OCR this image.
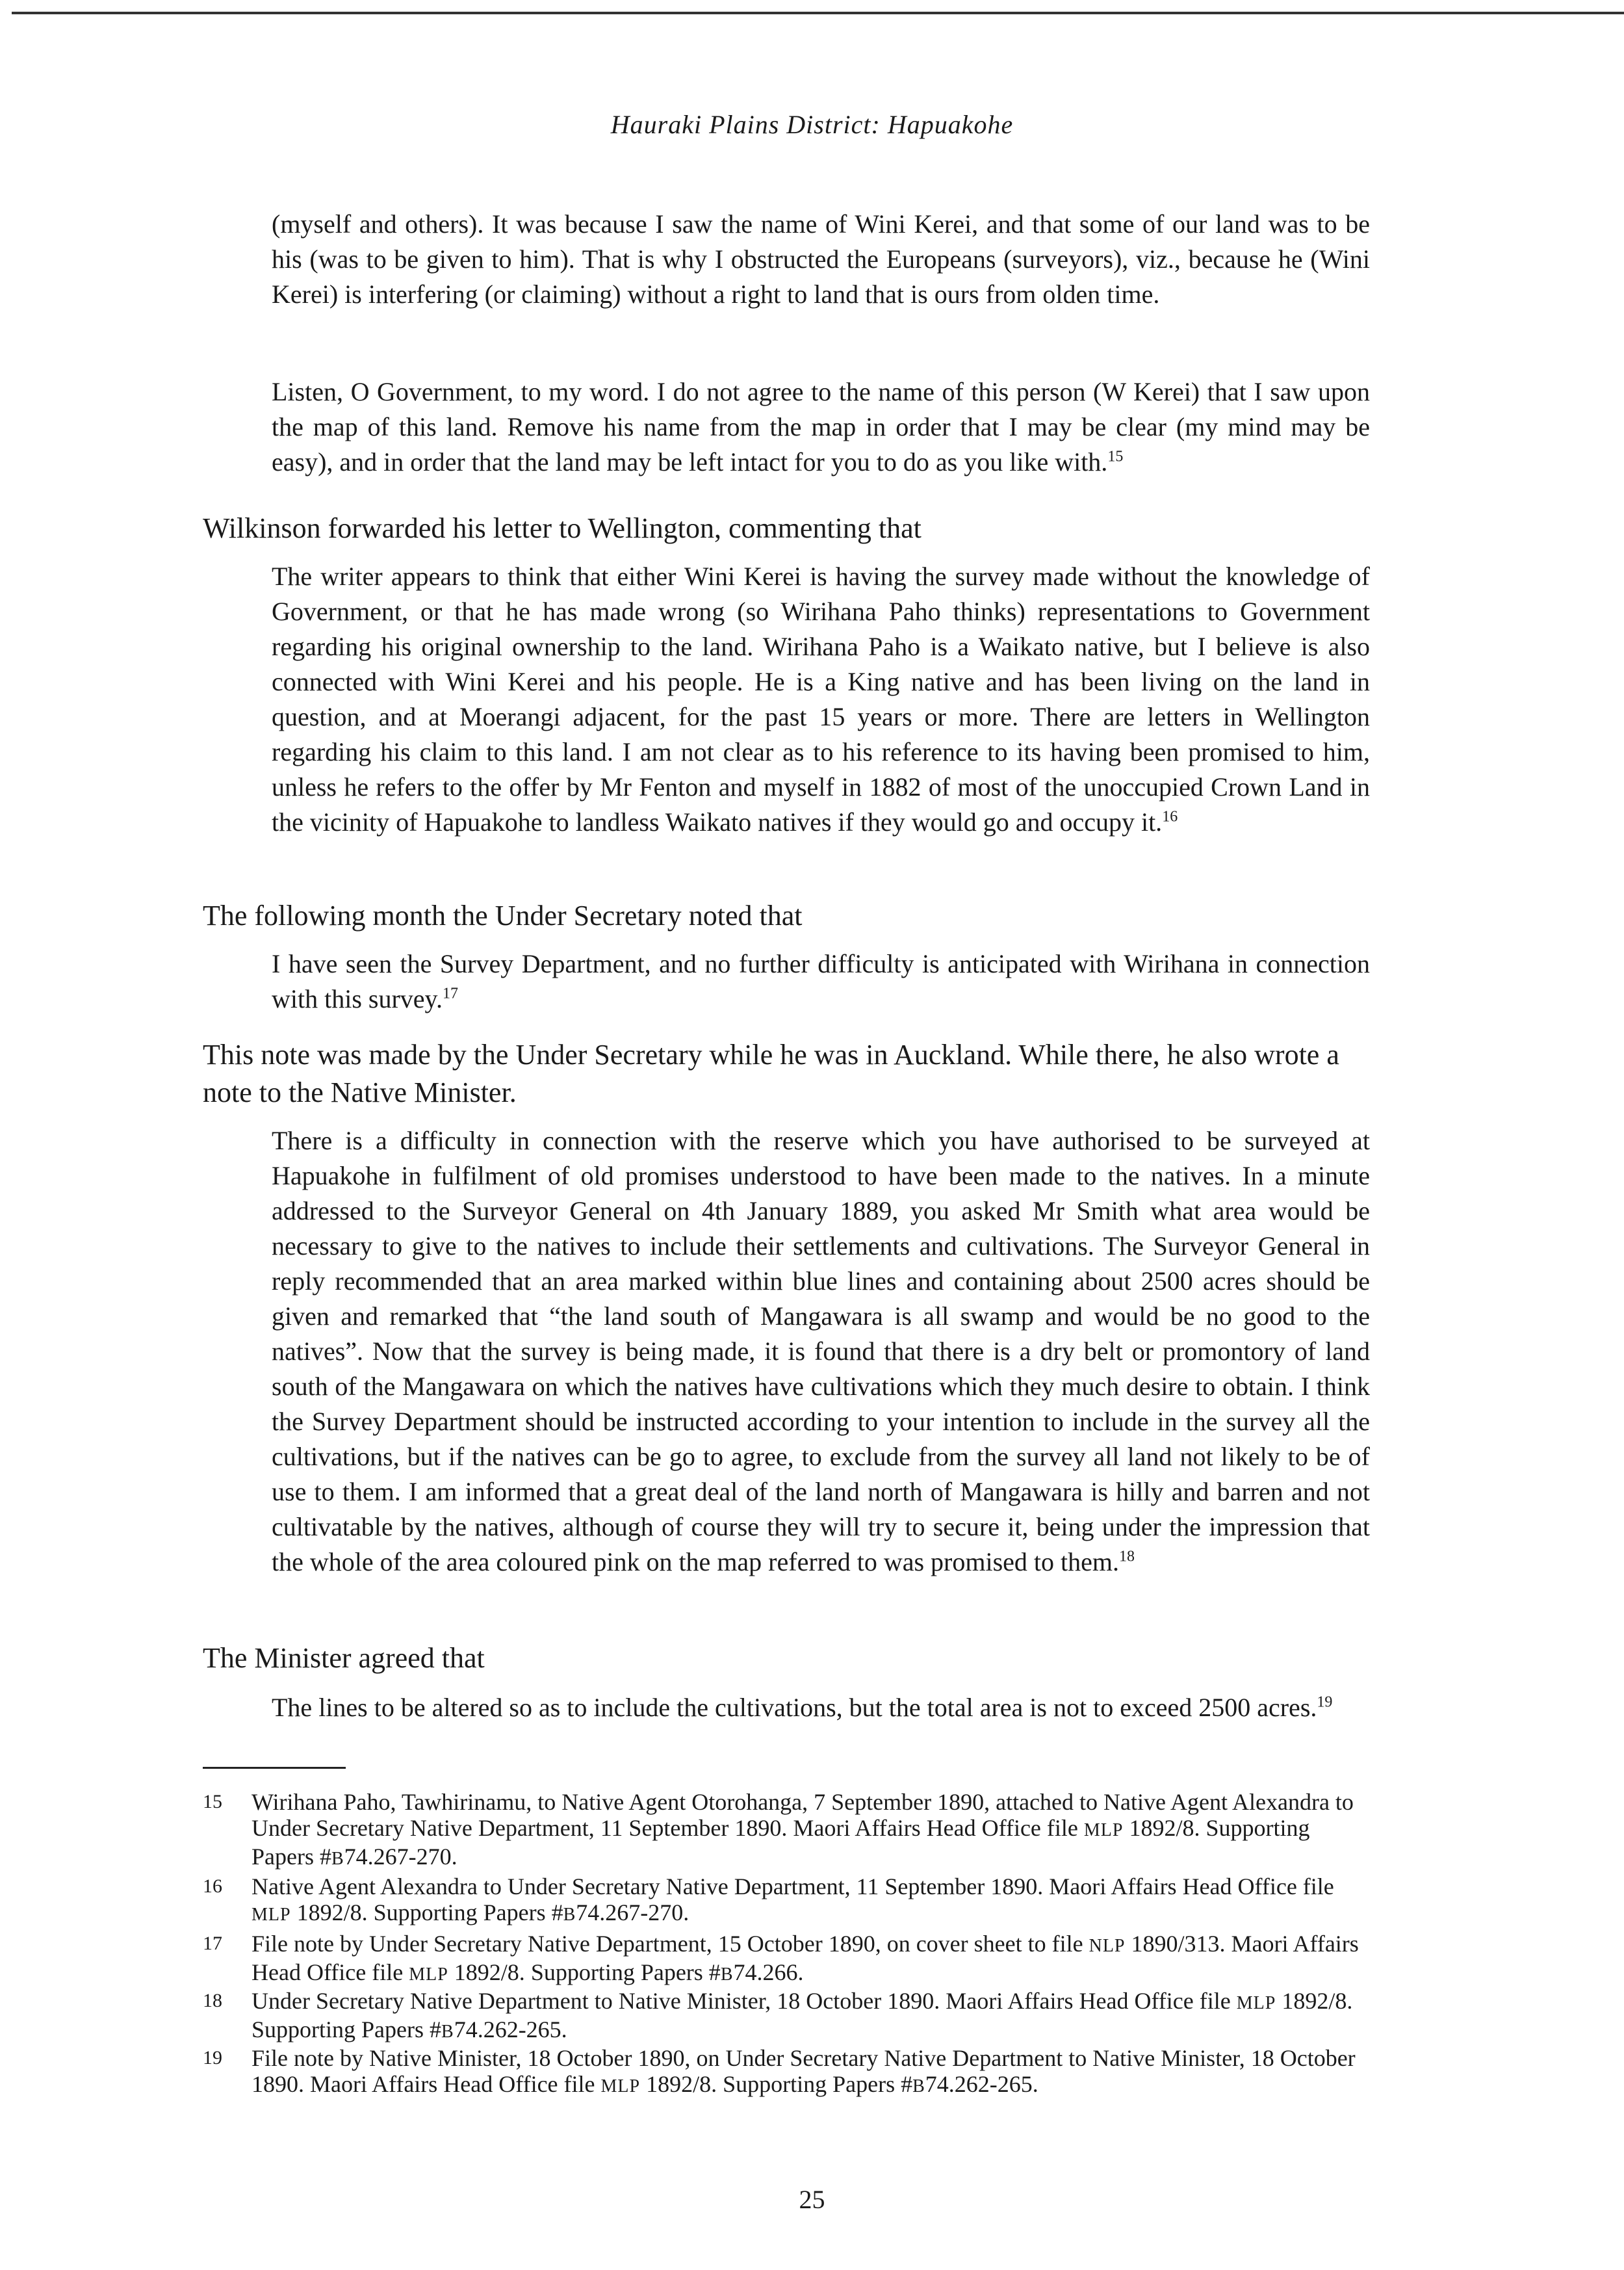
Hauraki Plains District: Hapuakohe

(myself and others). It was because I saw the name of Wini Kerei, and that some of our land was to be his (was to be given to him). That is why I obstructed the Europeans (surveyors), viz., because he (Wini Kerei) is interfering (or claiming) without a right to land that is ours from olden time.

Listen, O Government, to my word. I do not agree to the name of this person (W Kerei) that I saw upon the map of this land. Remove his name from the map in order that I may be clear (my mind may be easy), and in order that the land may be left intact for you to do as you like with.$^{15}$

Wilkinson forwarded his letter to Wellington, commenting that

The writer appears to think that either Wini Kerei is having the survey made without the knowledge of Government, or that he has made wrong (so Wirihana Paho thinks) representations to Government regarding his original ownership to the land. Wirihana Paho is a Waikato native, but I believe is also connected with Wini Kerei and his people. He is a King native and has been living on the land in question, and at Moerangi adjacent, for the past 15 years or more. There are letters in Wellington regarding his claim to this land. I am not clear as to his reference to its having been promised to him, unless he refers to the offer by Mr Fenton and myself in 1882 of most of the unoccupied Crown Land in the vicinity of Hapuakohe to landless Waikato natives if they would go and occupy it.$^{16}$

The following month the Under Secretary noted that

I have seen the Survey Department, and no further difficulty is anticipated with Wirihana in connection with this survey.$^{17}$

This note was made by the Under Secretary while he was in Auckland. While there, he also wrote a note to the Native Minister.

There is a difficulty in connection with the reserve which you have authorised to be surveyed at Hapuakohe in fulfilment of old promises understood to have been made to the natives. In a minute addressed to the Surveyor General on 4th January 1889, you asked Mr Smith what area would be necessary to give to the natives to include their settlements and cultivations. The Surveyor General in reply recommended that an area marked within blue lines and containing about 2500 acres should be given and remarked that “the land south of Mangawara is all swamp and would be no good to the natives”. Now that the survey is being made, it is found that there is a dry belt or promontory of land south of the Mangawara on which the natives have cultivations which they much desire to obtain. I think the Survey Department should be instructed according to your intention to include in the survey all the cultivations, but if the natives can be go to agree, to exclude from the survey all land not likely to be of use to them. I am informed that a great deal of the land north of Mangawara is hilly and barren and not cultivatable by the natives, although of course they will try to secure it, being under the impression that the whole of the area coloured pink on the map referred to was promised to them.$^{18}$

The Minister agreed that

The lines to be altered so as to include the cultivations, but the total area is not to exceed 2500 acres.$^{19}$

15 Wirihana Paho, Tawhirinamu, to Native Agent Otorohanga, 7 September 1890, attached to Native Agent Alexandra to Under Secretary Native Department, 11 September 1890. Maori Affairs Head Office file MLP 1892/8. Supporting Papers #B74.267-270.
16 Native Agent Alexandra to Under Secretary Native Department, 11 September 1890. Maori Affairs Head Office file MLP 1892/8. Supporting Papers #B74.267-270.
17 File note by Under Secretary Native Department, 15 October 1890, on cover sheet to file NLP 1890/313. Maori Affairs Head Office file MLP 1892/8. Supporting Papers #B74.266.
18 Under Secretary Native Department to Native Minister, 18 October 1890. Maori Affairs Head Office file MLP 1892/8. Supporting Papers #B74.262-265.
19 File note by Native Minister, 18 October 1890, on Under Secretary Native Department to Native Minister, 18 October 1890. Maori Affairs Head Office file MLP 1892/8. Supporting Papers #B74.262-265.
25
